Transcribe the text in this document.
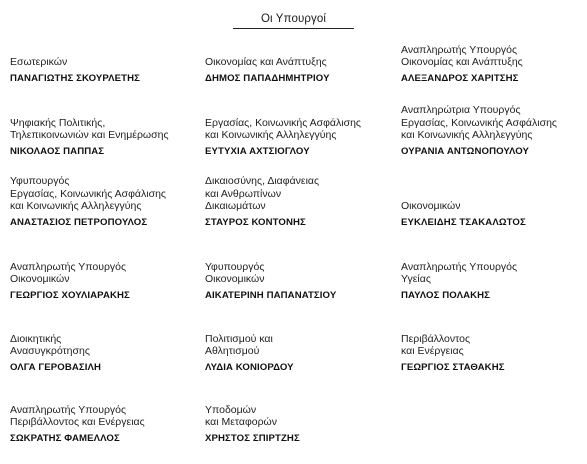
Οι Υπουργοί
Εσωτερικών
ΠΑΝΑΓΙΩΤΗΣ ΣΚΟΥΡΛΕΤΗΣ
Οικονομίας και Ανάπτυξης
ΔΗΜΟΣ ΠΑΠΑΔΗΜΗΤΡΙΟΥ
Αναπληρωτής Υπουργός
Οικονομίας και Ανάπτυξης
ΑΛΕΞΑΝΔΡΟΣ ΧΑΡΙΤΣΗΣ
Ψηφιακής Πολιτικής,
Τηλεπικοινωνιών και Ενημέρωσης
ΝΙΚΟΛΑΟΣ ΠΑΠΠΑΣ
Εργασίας, Κοινωνικής Ασφάλισης
και Κοινωνικής Αλληλεγγύης
ΕΥΤΥΧΙΑ ΑΧΤΣΙΟΓΛΟΥ
Αναπληρώτρια Υπουργός
Εργασίας, Κοινωνικής Ασφάλισης
και Κοινωνικής Αλληλεγγύης
ΟΥΡΑΝΙΑ ΑΝΤΩΝΟΠΟΥΛΟΥ
Υφυπουργός
Εργασίας, Κοινωνικής Ασφάλισης
και Κοινωνικής Αλληλεγγύης
ΑΝΑΣΤΑΣΙΟΣ ΠΕΤΡΟΠΟΥΛΟΣ
Δικαιοσύνης, Διαφάνειας
και Ανθρωπίνων
Δικαιωμάτων
ΣΤΑΥΡΟΣ ΚΟΝΤΟΝΗΣ
Οικονομικών
ΕΥΚΛΕΙΔΗΣ ΤΣΑΚΑΛΩΤΟΣ
Αναπληρωτής Υπουργός
Οικονομικών
ΓΕΩΡΓΙΟΣ ΧΟΥΛΙΑΡΑΚΗΣ
Υφυπουργός
Οικονομικών
ΑΙΚΑΤΕΡΙΝΗ ΠΑΠΑΝΑΤΣΙΟΥ
Αναπληρωτής Υπουργός
Υγείας
ΠΑΥΛΟΣ ΠΟΛΑΚΗΣ
Διοικητικής
Ανασυγκρότησης
ΟΛΓΑ ΓΕΡΟΒΑΣΙΛΗ
Πολιτισμού και
Αθλητισμού
ΛΥΔΙΑ ΚΟΝΙΟΡΔΟΥ
Περιβάλλοντος
και Ενέργειας
ΓΕΩΡΓΙΟΣ ΣΤΑΘΑΚΗΣ
Αναπληρωτής Υπουργός
Περιβάλλοντος και Ενέργειας
ΣΩΚΡΑΤΗΣ ΦΑΜΕΛΛΟΣ
Υποδομών
και Μεταφορών
ΧΡΗΣΤΟΣ ΣΠΙΡΤΖΗΣ
